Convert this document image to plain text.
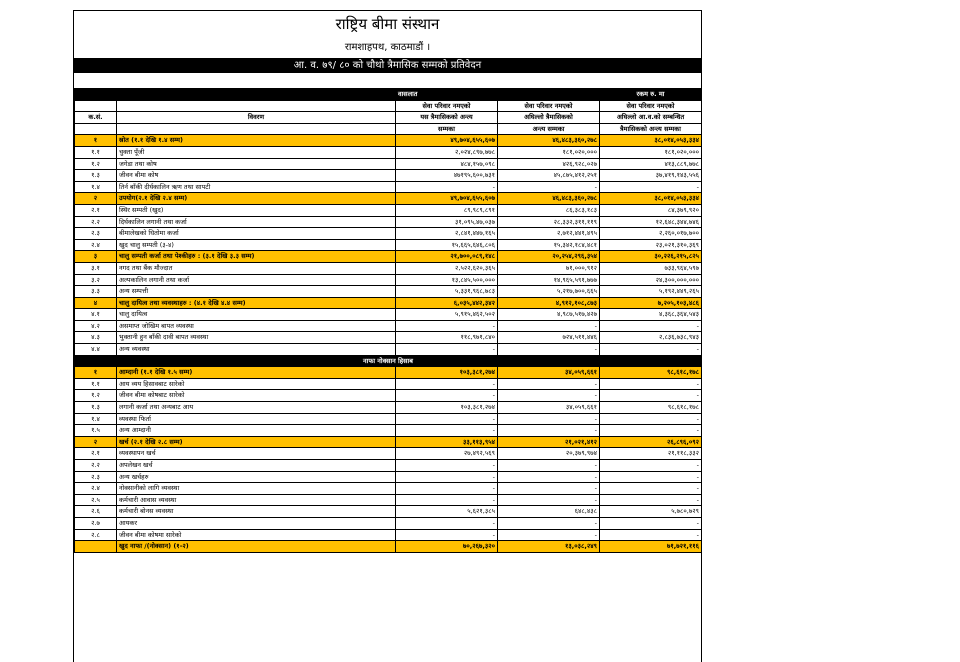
राष्ट्रिय बीमा संस्थान
रामशाहपथ, काठमाडौं ।
आ. व. ७९/ ८० को चौथो त्रैमासिक सम्मको प्रतिवेदन
		वासलात		रकम रु. मा
		सेवा परिवार नमएको	सेवा परिवार नमएको	सेवा परिवार नमएको
क.सं.	विवरण	यस त्रैमासिकको अन्त्य	अघिल्लो त्रैमासिकको	अघिल्लो आ.व.को सम्बन्धित
		सम्मका	अन्त्य सम्मका	त्रैमासिकको अन्त्य सम्मका
१	स्रोत (१.१ देखि १.४ सम्म)	४९,७०४,६५५,६०७	४६,४८३,३६०,२७८	३८,०१४,०५३,३३४
१.१	चुक्ता पूँजी	२,०२४,८९७,७७८	१८१,०२०,०००	१८१,०२०,०००
१.२	जगेडा तथा कोष	४८४,१५७,०९८	४२६,९२८,०२७	४१३,८८९,७७८
१.३	जीवन बीमा कोष	४७१९५,६००,७३१	४५,८७५,४१२,२५१	३७,४१९,१४३,५५६
१.४	तिर्न बाँकी दीर्घकालिन ऋण तथा सापटी	-	-	-
२	उपयोग(२.१ देखि २.४ सम्म)	४९,७०४,६५५,६०७	४६,४८३,३६०,२७८	३८,०१४,०५३,३३४
२.१	स्थिर सम्पती (खुद)	८९,९८९,८९१	८६,३८३,१८३	८४,३७९,९२०
२.२	दिर्घकालिन लगानी तथा कर्जा	३१,०९५,४७,०३७	२८,३३२,३११,११९	१२,६४८,३४४,७४६
२.३	बीमालेखको धितोमा कर्जा	२,८४१,४४७,१६५	२,७१२,४४१,४९५	२,२६०,०१७,७००
२.४	खुद चालु सम्पती (३-४)	१५,६६५,६४६,८०६	१५,३४२,१८४,४८१	२३,०२१,३१०,३६९
३	चालु सम्पती कर्जा तथा पेश्कीहरु : (३.१ देखि ३.३ सम्म)	२१,७००,०८९,१४८	२०,२५४,२९६,३५४	३०,२२६,२१५,८२५
३.१	नगद तथा बैंक मौज्दात	२,५२२,६२०,३६५	७१,०००,९१२	७३३,९६४,५९७
३.२	अल्पकालिन लगानी तथा कर्जा	१३,८४५,५००,०००	१४,९६५,५९१,७७७	२४,३००,०००,०००
३.३	अन्य सम्पत्ती	५,३३१,९६८,७८३	५,२१७,७००,६६५	५,१९२,४४९,२६५
४	चालु दायित्व तथा व्यवस्थाहरु : (४.१ देखि ४.४ सम्म)	६,०३५,४४२,३४२	४,९१२,१०८,८७३	७,२०५,१०३,४८६
४.१	चालु दायित्व	५,९१५,४६२,५०२	४,९८७,५१७,४२७	४,३६८,३६४,५४३
४.२	असमाप्त जोखिम बापत व्यवस्था	-	-	-
४.३	भुक्तानी हुन बाँकी दावी बापत व्यवस्था	११८,९७१,८४०	७२४,५११,४४६	२,८३६,७३८,९४३
४.४	अन्य व्यवस्था	-	-	-
नाफा नोक्सान हिसाब				
१	आम्दानी (१.१ देखि १.५ सम्म)	१०३,३८१,२७४	३४,०५९,६६१	९८,६१८,१७८
१.१	आय व्यय हिसावबाट सारेको	-	-	-
१.२	जीवन बीमा कोषबाट सारेको	-	-	-
१.३	लगानी कर्जा तथा अन्यबाट आय	१०३,३८१,२७४	३४,०५९,६६१	९८,६१८,१७८
१.४	व्यवस्था फिर्ता	-	-	-
१.५	अन्य आम्दानी	-	-	-
२	खर्च (२.१ देखि २.८ सम्म)	३३,११३,९५४	२१,०२१,४१२	२६,८९६,०९२
२.१	व्यवस्थापन खर्च	२७,४९२,५६९	२०,३७९,९७४	२१,११८,३३२
२.२	अपलेखन खर्च	-	-	-
२.३	अन्य खर्चहरु	-	-	-
२.४	नोक्सानीको लागि व्यवस्था	-	-	-
२.५	कर्मचारी आवास व्यवस्था	-	-	-
२.६	कर्मचारी बोनस व्यवस्था	५,६२१,३८५	६४८,४३८	५,७८०,७२९
२.७	आयकर	-	-	-
२.८	जीवन बीमा कोषमा सारेको	-	-	-
	खुद नाफा /(नोक्सान) (१-२)	७०,२६७,३२०	१३,०३८,२४९	७१,७२१,११६
